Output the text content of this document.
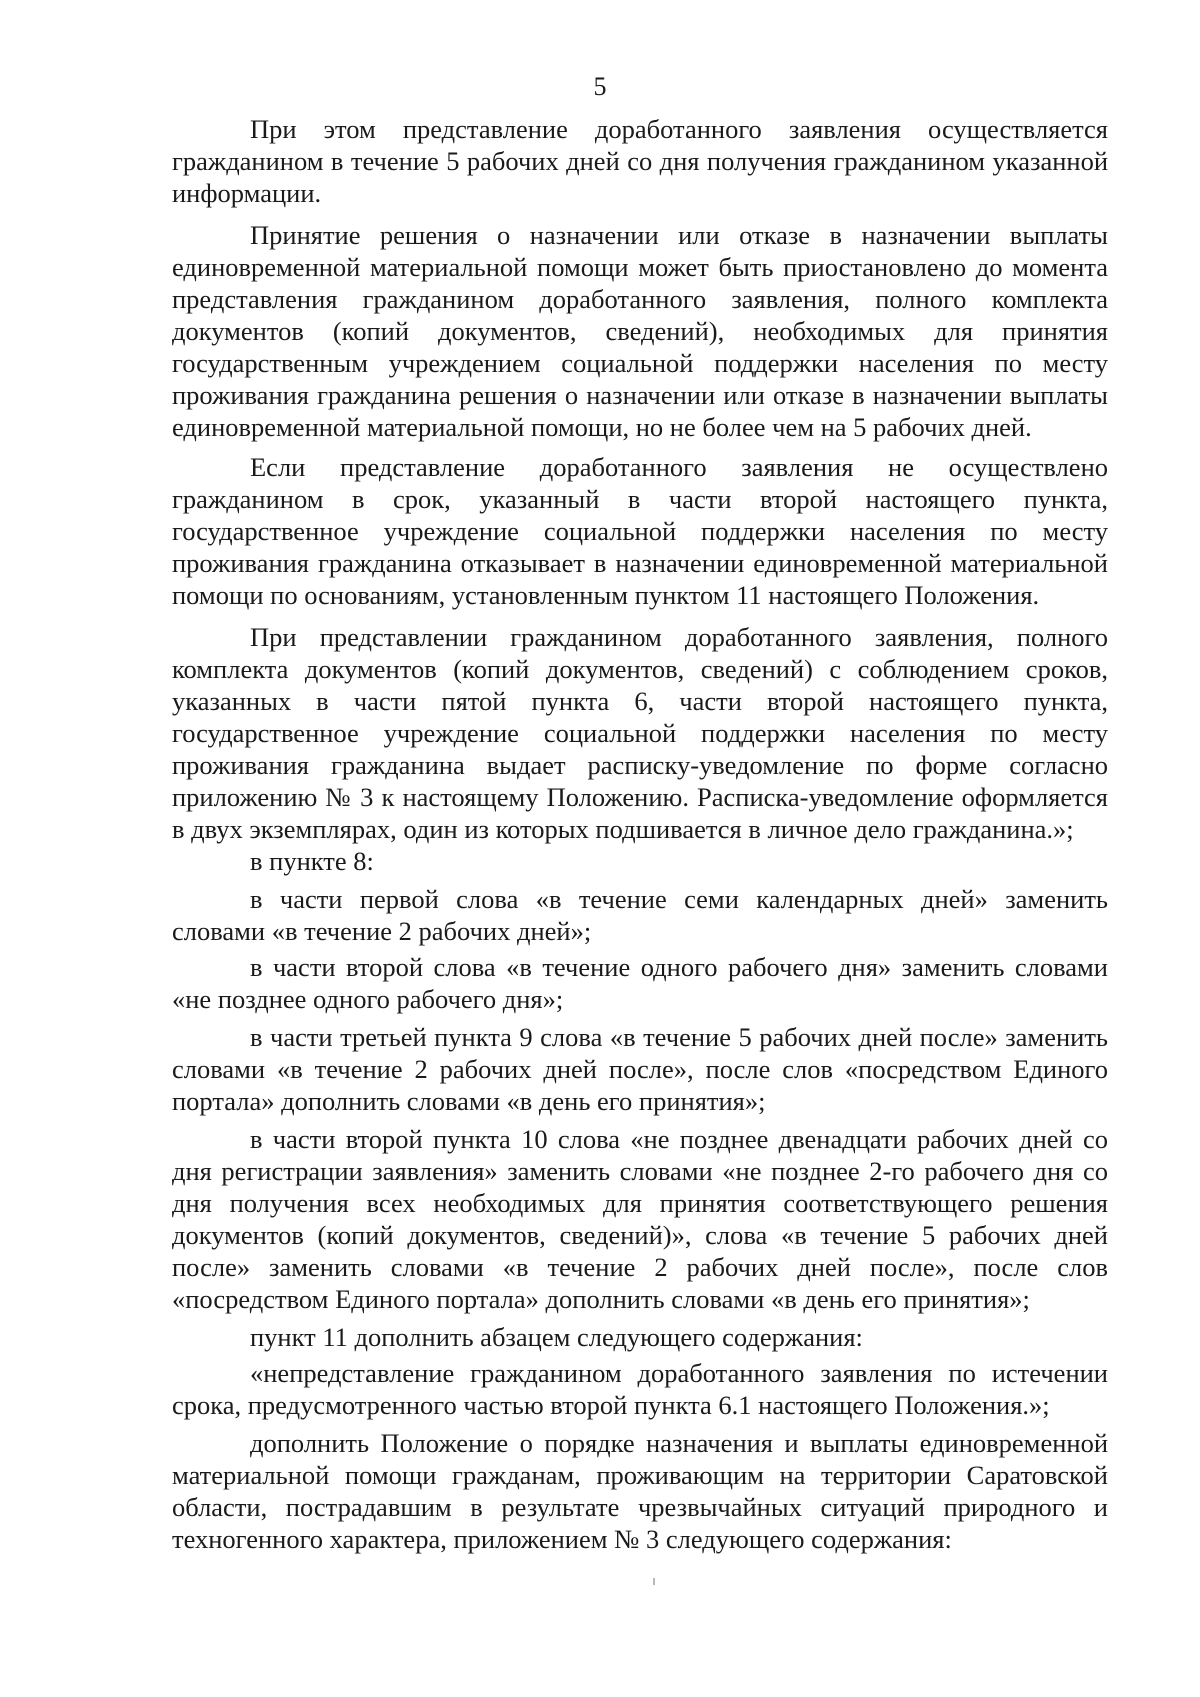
5

При этом представление доработанного заявления осуществляется гражданином в течение 5 рабочих дней со дня получения гражданином указанной информации.

Принятие решения о назначении или отказе в назначении выплаты единовременной материальной помощи может быть приостановлено до момента представления гражданином доработанного заявления, полного комплекта документов (копий документов, сведений), необходимых для принятия государственным учреждением социальной поддержки населения по месту проживания гражданина решения о назначении или отказе в назначении выплаты единовременной материальной помощи, но не более чем на 5 рабочих дней.

Если представление доработанного заявления не осуществлено гражданином в срок, указанный в части второй настоящего пункта, государственное учреждение социальной поддержки населения по месту проживания гражданина отказывает в назначении единовременной материальной помощи по основаниям, установленным пунктом 11 настоящего Положения.

При представлении гражданином доработанного заявления, полного комплекта документов (копий документов, сведений) с соблюдением сроков, указанных в части пятой пункта 6, части второй настоящего пункта, государственное учреждение социальной поддержки населения по месту проживания гражданина выдает расписку-уведомление по форме согласно приложению № 3 к настоящему Положению. Расписка-уведомление оформляется в двух экземплярах, один из которых подшивается в личное дело гражданина.»;

в пункте 8:

в части первой слова «в течение семи календарных дней» заменить словами «в течение 2 рабочих дней»;

в части второй слова «в течение одного рабочего дня» заменить словами «не позднее одного рабочего дня»;

в части третьей пункта 9 слова «в течение 5 рабочих дней после» заменить словами «в течение 2 рабочих дней после», после слов «посредством Единого портала» дополнить словами «в день его принятия»;

в части второй пункта 10 слова «не позднее двенадцати рабочих дней со дня регистрации заявления» заменить словами «не позднее 2-го рабочего дня со дня получения всех необходимых для принятия соответствующего решения документов (копий документов, сведений)», слова «в течение 5 рабочих дней после» заменить словами «в течение 2 рабочих дней после», после слов «посредством Единого портала» дополнить словами «в день его принятия»;

пункт 11 дополнить абзацем следующего содержания:

«непредставление гражданином доработанного заявления по истечении срока, предусмотренного частью второй пункта 6.1 настоящего Положения.»;

дополнить Положение о порядке назначения и выплаты единовременной материальной помощи гражданам, проживающим на территории Саратовской области, пострадавшим в результате чрезвычайных ситуаций природного и техногенного характера, приложением № 3 следующего содержания:
